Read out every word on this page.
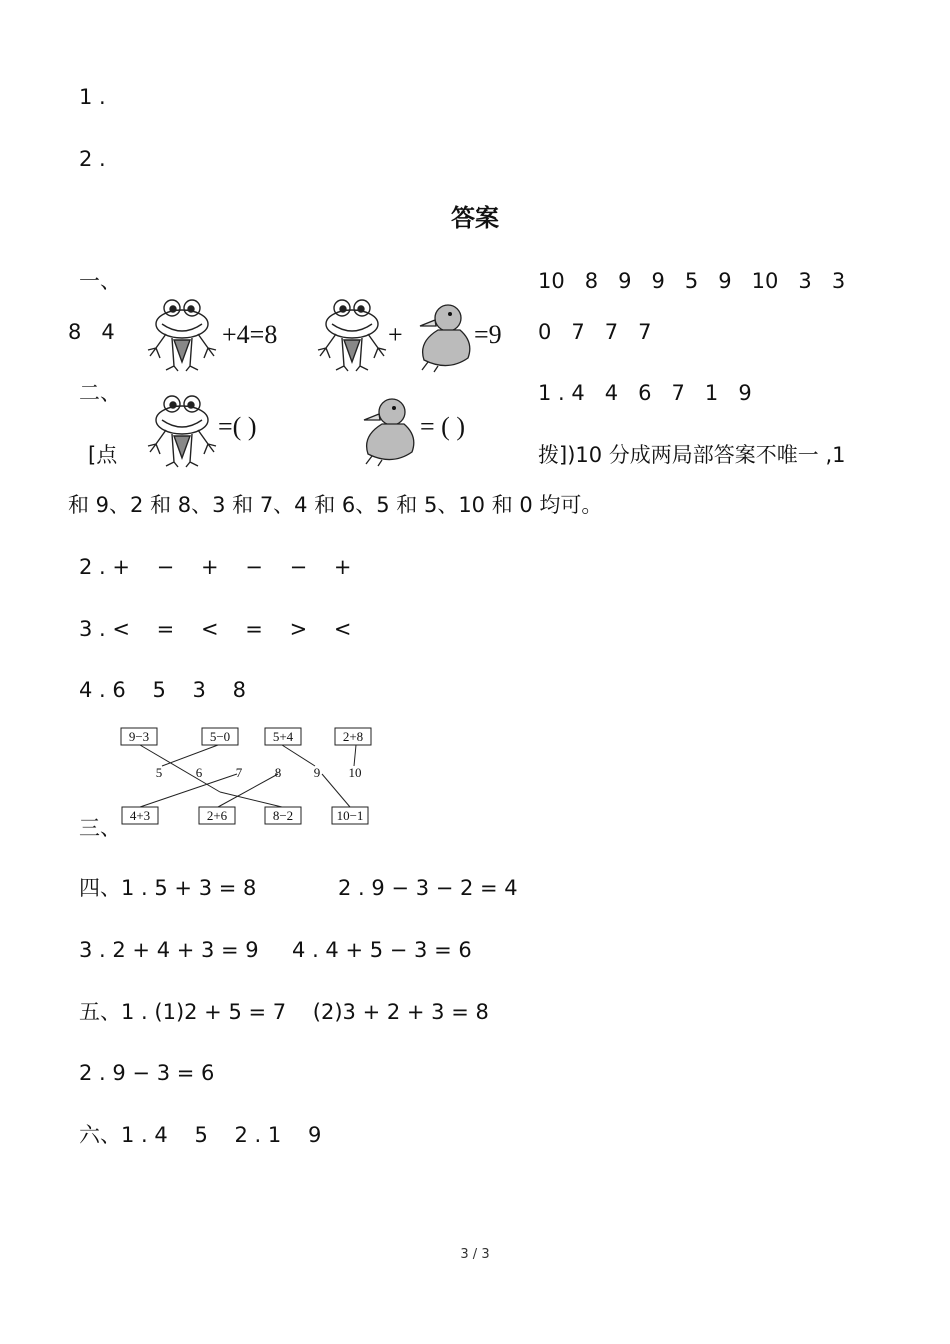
1 .
2 .
答案
一、	10   8   9   9   5   9   10   3   3
8   4	0   7   7   7
+4=8	+	=9
二、	1 . 4   4   6   7   1   9
=( )	= ( )
[点	拨])10 分成两局部答案不唯一 ,1
和 9、2 和 8、3 和 7、4 和 6、5 和 5、10 和 0 均可。
2 . +    −    +    −    −    +
3 . <    =    <    =    >    <
4 . 6    5    3    8
9−3	5−0	5+4	2+8
5	6	7	8	9 10
4+3	2+6	8−2	10−1
三、
四、1 . 5 + 3 = 8	2 . 9 − 3 − 2 = 4
3 . 2 + 4 + 3 = 9     4 . 4 + 5 − 3 = 6
五、1 . (1)2 + 5 = 7    (2)3 + 2 + 3 = 8
2 . 9 − 3 = 6
六、1 . 4    5    2 . 1    9
3 / 3
